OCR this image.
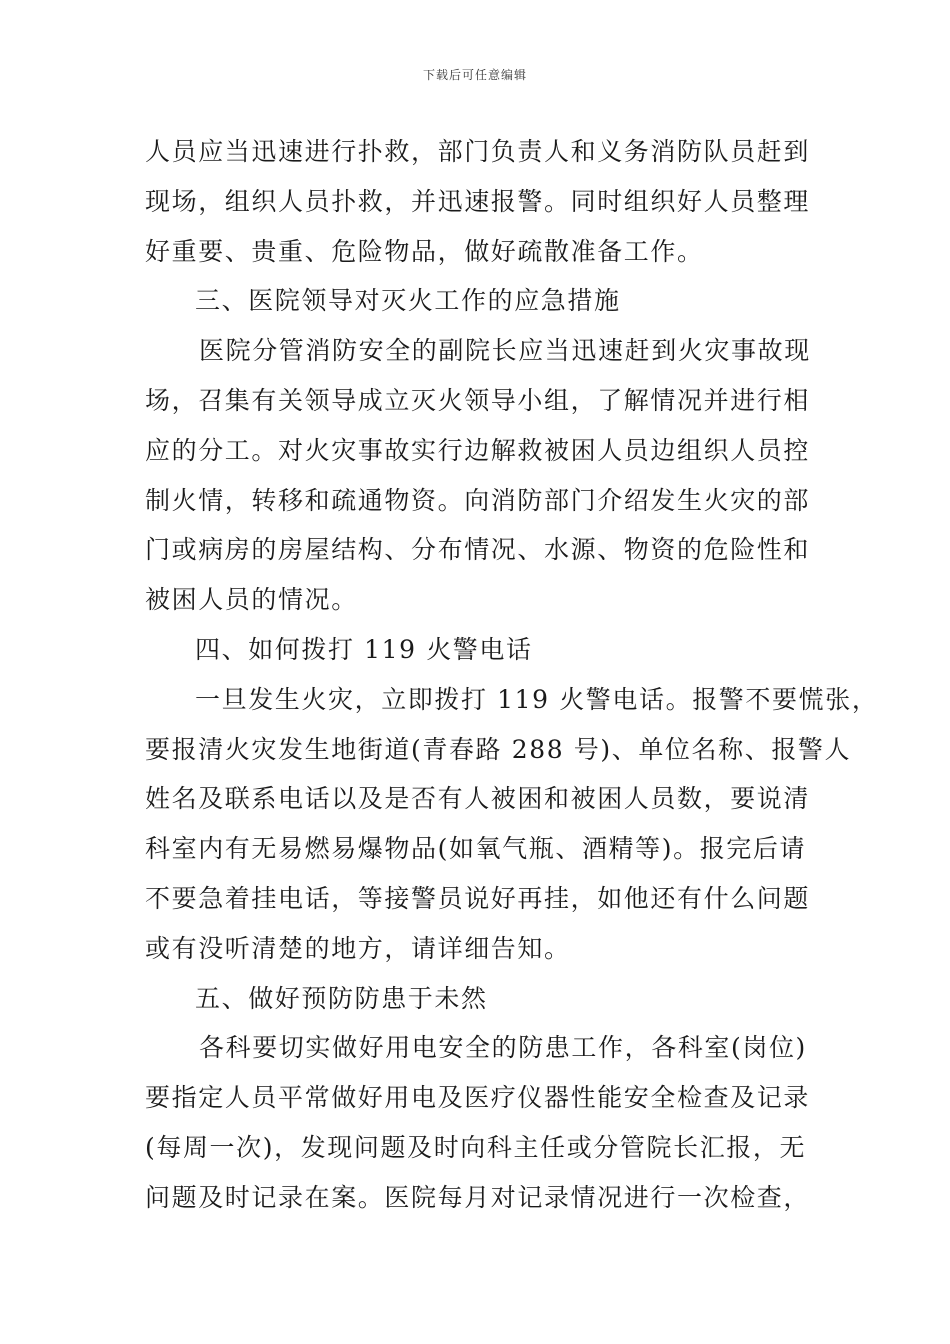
下载后可任意编辑
人员应当迅速进行扑救，部门负责人和义务消防队员赶到
现场，组织人员扑救，并迅速报警。同时组织好人员整理
好重要、贵重、危险物品，做好疏散准备工作。
三、医院领导对灭火工作的应急措施
医院分管消防安全的副院长应当迅速赶到火灾事故现
场，召集有关领导成立灭火领导小组，了解情况并进行相
应的分工。对火灾事故实行边解救被困人员边组织人员控
制火情，转移和疏通物资。向消防部门介绍发生火灾的部
门或病房的房屋结构、分布情况、水源、物资的危险性和
被困人员的情况。
四、如何拨打 119 火警电话
一旦发生火灾，立即拨打 119 火警电话。报警不要慌张，
要报清火灾发生地街道(青春路 288 号)、单位名称、报警人
姓名及联系电话以及是否有人被困和被困人员数，要说清
科室内有无易燃易爆物品(如氧气瓶、酒精等)。报完后请
不要急着挂电话，等接警员说好再挂，如他还有什么问题
或有没听清楚的地方，请详细告知。
五、做好预防防患于未然
各科要切实做好用电安全的防患工作，各科室(岗位)
要指定人员平常做好用电及医疗仪器性能安全检查及记录
(每周一次)，发现问题及时向科主任或分管院长汇报，无
问题及时记录在案。医院每月对记录情况进行一次检查，
